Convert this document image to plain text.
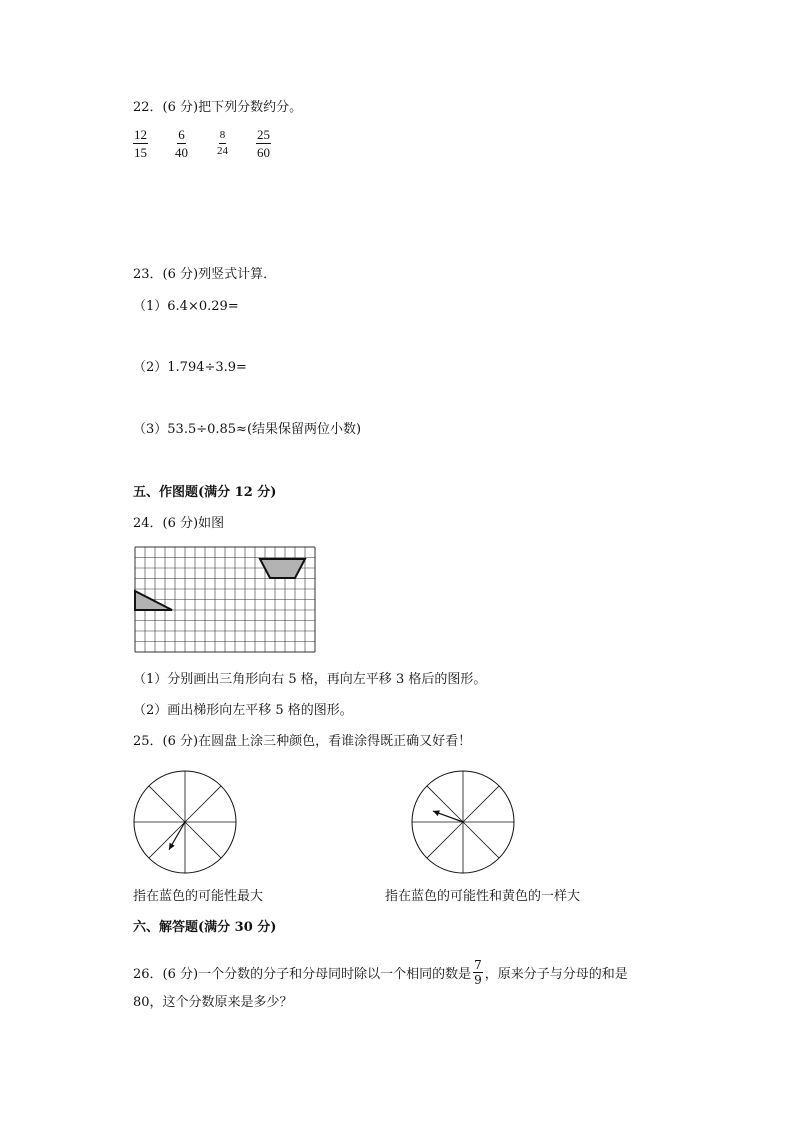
22．(6 分)把下列分数约分。
$\frac{12}{15} \frac{6}{40}$	$\frac{8}{24} \frac{25}{60}$
23．(6 分)列竖式计算．
（1）6.4×0.29=
（2）1.794÷3.9=
（3）53.5÷0.85≈(结果保留两位小数)
五、作图题(满分 12 分)
24．(6 分)如图
（1）分别画出三角形向右 5 格，再向左平移 3 格后的图形。
（2）画出梯形向左平移 5 格的图形。
25．(6 分)在圆盘上涂三种颜色，看谁涂得既正确又好看！
指在蓝色的可能性最大	指在蓝色的可能性和黄色的一样大
六、解答题(满分 30 分)
26．(6 分)一个分数的分子和分母同时除以一个相同的数是 $\frac{7}{9}$ ，原来分子与分母的和是
80，这个分数原来是多少？
